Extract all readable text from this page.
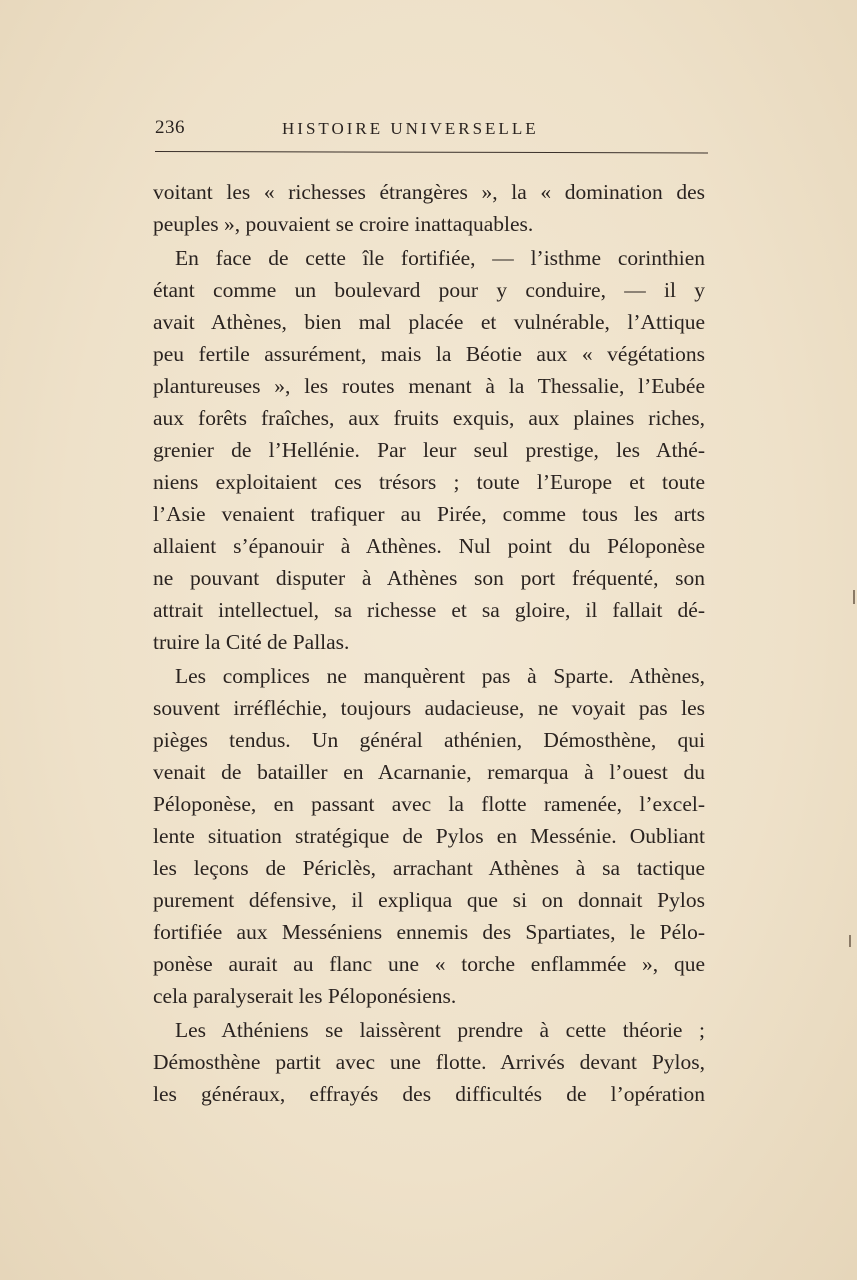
236	HISTOIRE UNIVERSELLE

voitant les « richesses étrangères », la « domination des
peuples », pouvaient se croire inattaquables.

En face de cette île fortifiée, — l’isthme corinthien
étant comme un boulevard pour y conduire, — il y
avait Athènes, bien mal placée et vulnérable, l’Attique
peu fertile assurément, mais la Béotie aux « végétations
plantureuses », les routes menant à la Thessalie, l’Eubée
aux forêts fraîches, aux fruits exquis, aux plaines riches,
grenier de l’Hellénie. Par leur seul prestige, les Athé-
niens exploitaient ces trésors ; toute l’Europe et toute
l’Asie venaient trafiquer au Pirée, comme tous les arts
allaient s’épanouir à Athènes. Nul point du Péloponèse
ne pouvant disputer à Athènes son port fréquenté, son
attrait intellectuel, sa richesse et sa gloire, il fallait dé-
truire la Cité de Pallas.

Les complices ne manquèrent pas à Sparte. Athènes,
souvent irréfléchie, toujours audacieuse, ne voyait pas les
pièges tendus. Un général athénien, Démosthène, qui
venait de batailler en Acarnanie, remarqua à l’ouest du
Péloponèse, en passant avec la flotte ramenée, l’excel-
lente situation stratégique de Pylos en Messénie. Oubliant
les leçons de Périclès, arrachant Athènes à sa tactique
purement défensive, il expliqua que si on donnait Pylos
fortifiée aux Messéniens ennemis des Spartiates, le Pélo-
ponèse aurait au flanc une « torche enflammée », que
cela paralyserait les Péloponésiens.

Les Athéniens se laissèrent prendre à cette théorie ;
Démosthène partit avec une flotte. Arrivés devant Pylos,
les généraux, effrayés des difficultés de l’opération
